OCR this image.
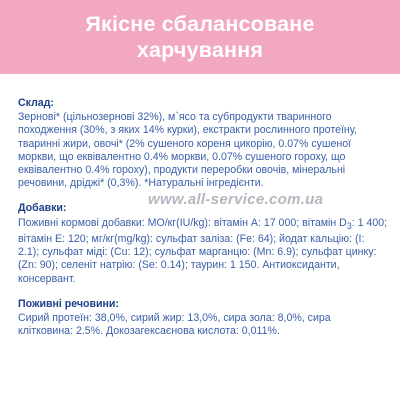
Якісне сбалансоване
харчування
Склад:

Зернові* (цільнозернові 32%), м`ясо та субпродукти тваринного походження (30%, з яких 14% курки), екстракти рослинного протеїну, тваринні жири, овочі* (2% сушеного кореня цикорію, 0.07% сушеної моркви, що еквівалентно 0.4% моркви, 0.07% сушеного гороху, що еквівалентно 0.4% гороху), продукти переробки овочів, мінеральні речовини, дріджі* (0,3%). *Натуральні інгредієнти.

Добавки:

Поживні кормові добавки: МО/кг(IU/kg): вітамін А: 17 000; вітамін $D_3$: 1 400; вітамін Е: 120; мг/кг(mg/kg): сульфат заліза: (Fe: 64); йодат кальцію: (I: 2.1); сульфат міді: (Cu: 12); сульфат марганцю: (Mn: 6.9); сульфат цинку: (Zn: 90); селеніт натрію: (Se: 0.14); таурин: 1 150. Антиоксиданти, консервант.

Поживні речовини:

Сирий протеїн: 38,0%, сирий жир: 13,0%, сира зола: 8,0%, сира клітковина: 2.5%. Докозагексаєнова кислота: 0,011%.

www.all-service.com.ua
